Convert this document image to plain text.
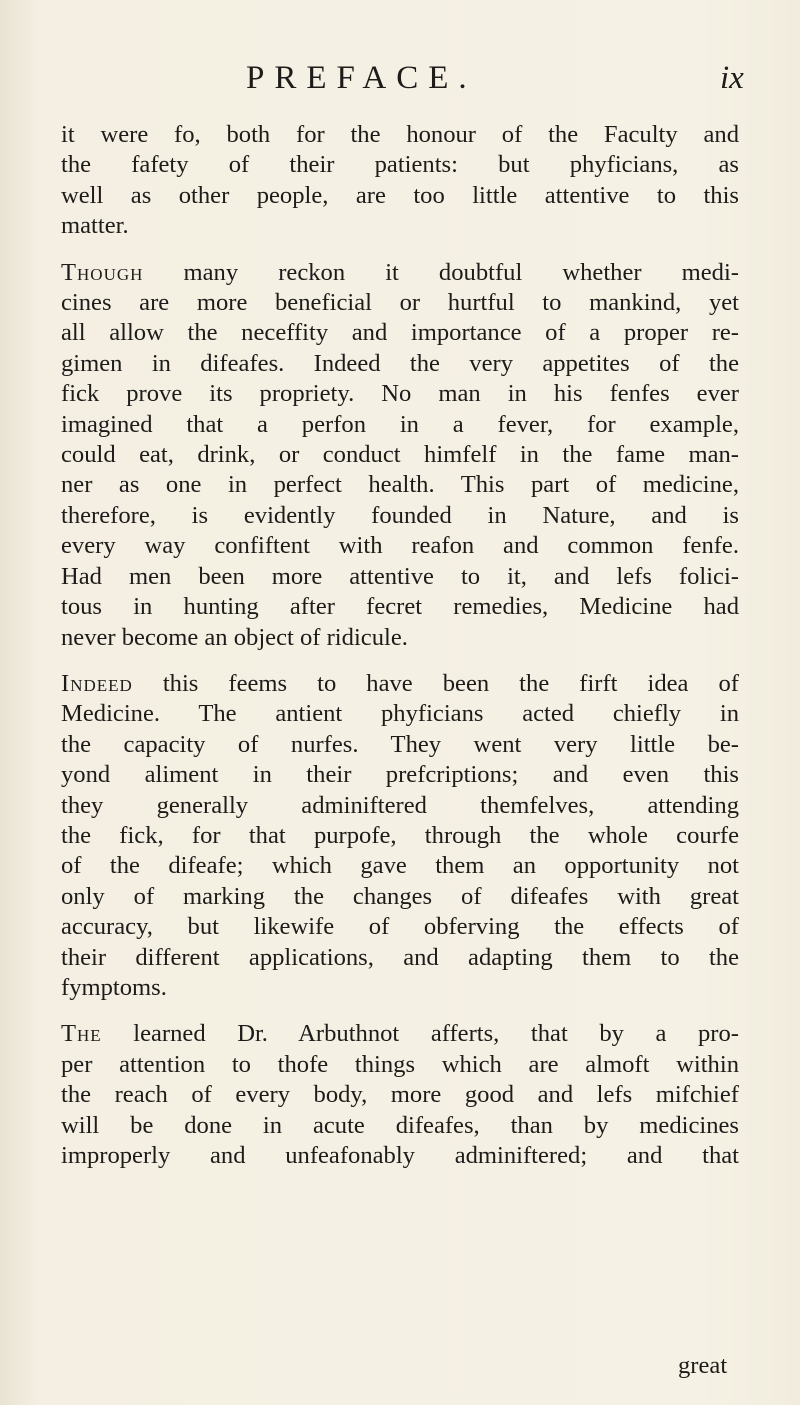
PREFACE.	ix

it were fo, both for the honour of the Faculty and
the fafety of their patients: but phyficians, as
well as other people, are too little attentive to this
matter.

Though many reckon it doubtful whether medi-
cines are more beneficial or hurtful to mankind, yet
all allow the neceffity and importance of a proper re-
gimen in difeafes. Indeed the very appetites of the
fick prove its propriety. No man in his fenfes ever
imagined that a perfon in a fever, for example,
could eat, drink, or conduct himfelf in the fame man-
ner as one in perfect health. This part of medicine,
therefore, is evidently founded in Nature, and is
every way confiftent with reafon and common fenfe.
Had men been more attentive to it, and lefs folici-
tous in hunting after fecret remedies, Medicine had
never become an object of ridicule.

Indeed this feems to have been the firft idea of
Medicine. The antient phyficians acted chiefly in
the capacity of nurfes. They went very little be-
yond aliment in their prefcriptions; and even this
they generally adminiftered themfelves, attending
the fick, for that purpofe, through the whole courfe
of the difeafe; which gave them an opportunity not
only of marking the changes of difeafes with great
accuracy, but likewife of obferving the effects of
their different applications, and adapting them to the
fymptoms.

The learned Dr. Arbuthnot afferts, that by a pro-
per attention to thofe things which are almoft within
the reach of every body, more good and lefs mifchief
will be done in acute difeafes, than by medicines
improperly and unfeafonably adminiftered; and that

great
